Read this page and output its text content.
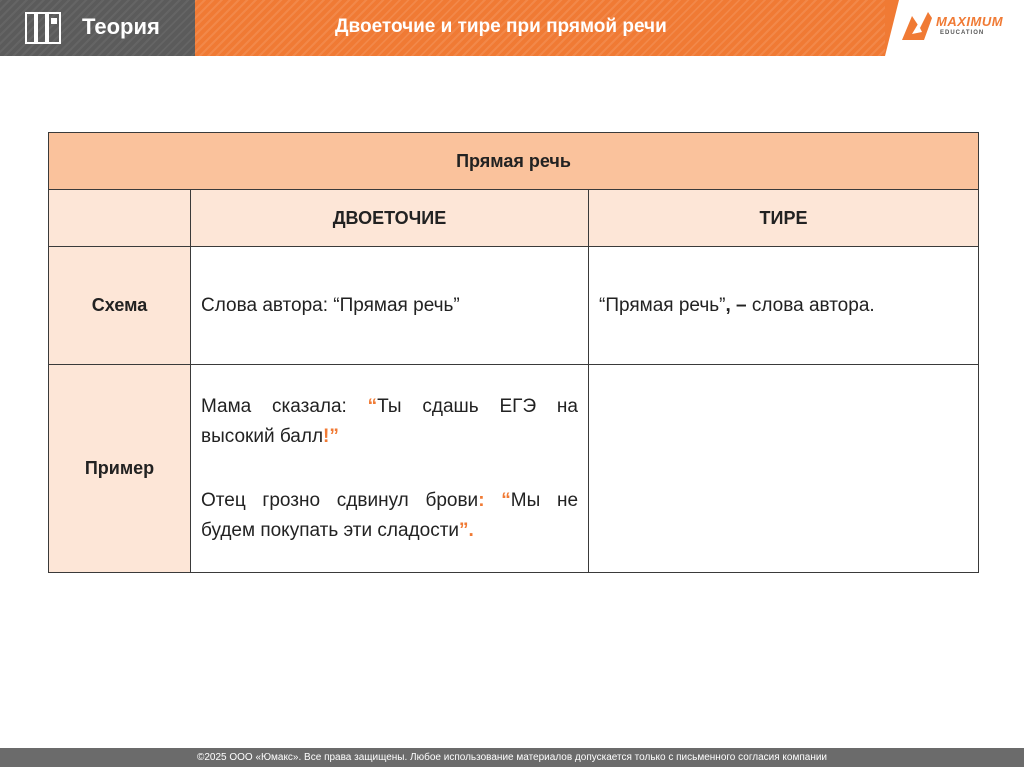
Теория	Двоеточие и тире при прямой речи	MAXIMUM
EDUCATION
Прямая речь		
	ДВОЕТОЧИЕ	ТИРЕ
Схема	Слова автора: “Прямая речь”	“Прямая речь”, – слова автора.

Пример	Мама сказала: “Ты сдашь ЕГЭ на высокий балл!”

Отец грозно сдвинул брови: “Мы не будем покупать эти сладости”.	

©2025 ООО «Юмакс». Все права защищены. Любое использование материалов допускается только с письменного согласия компании
